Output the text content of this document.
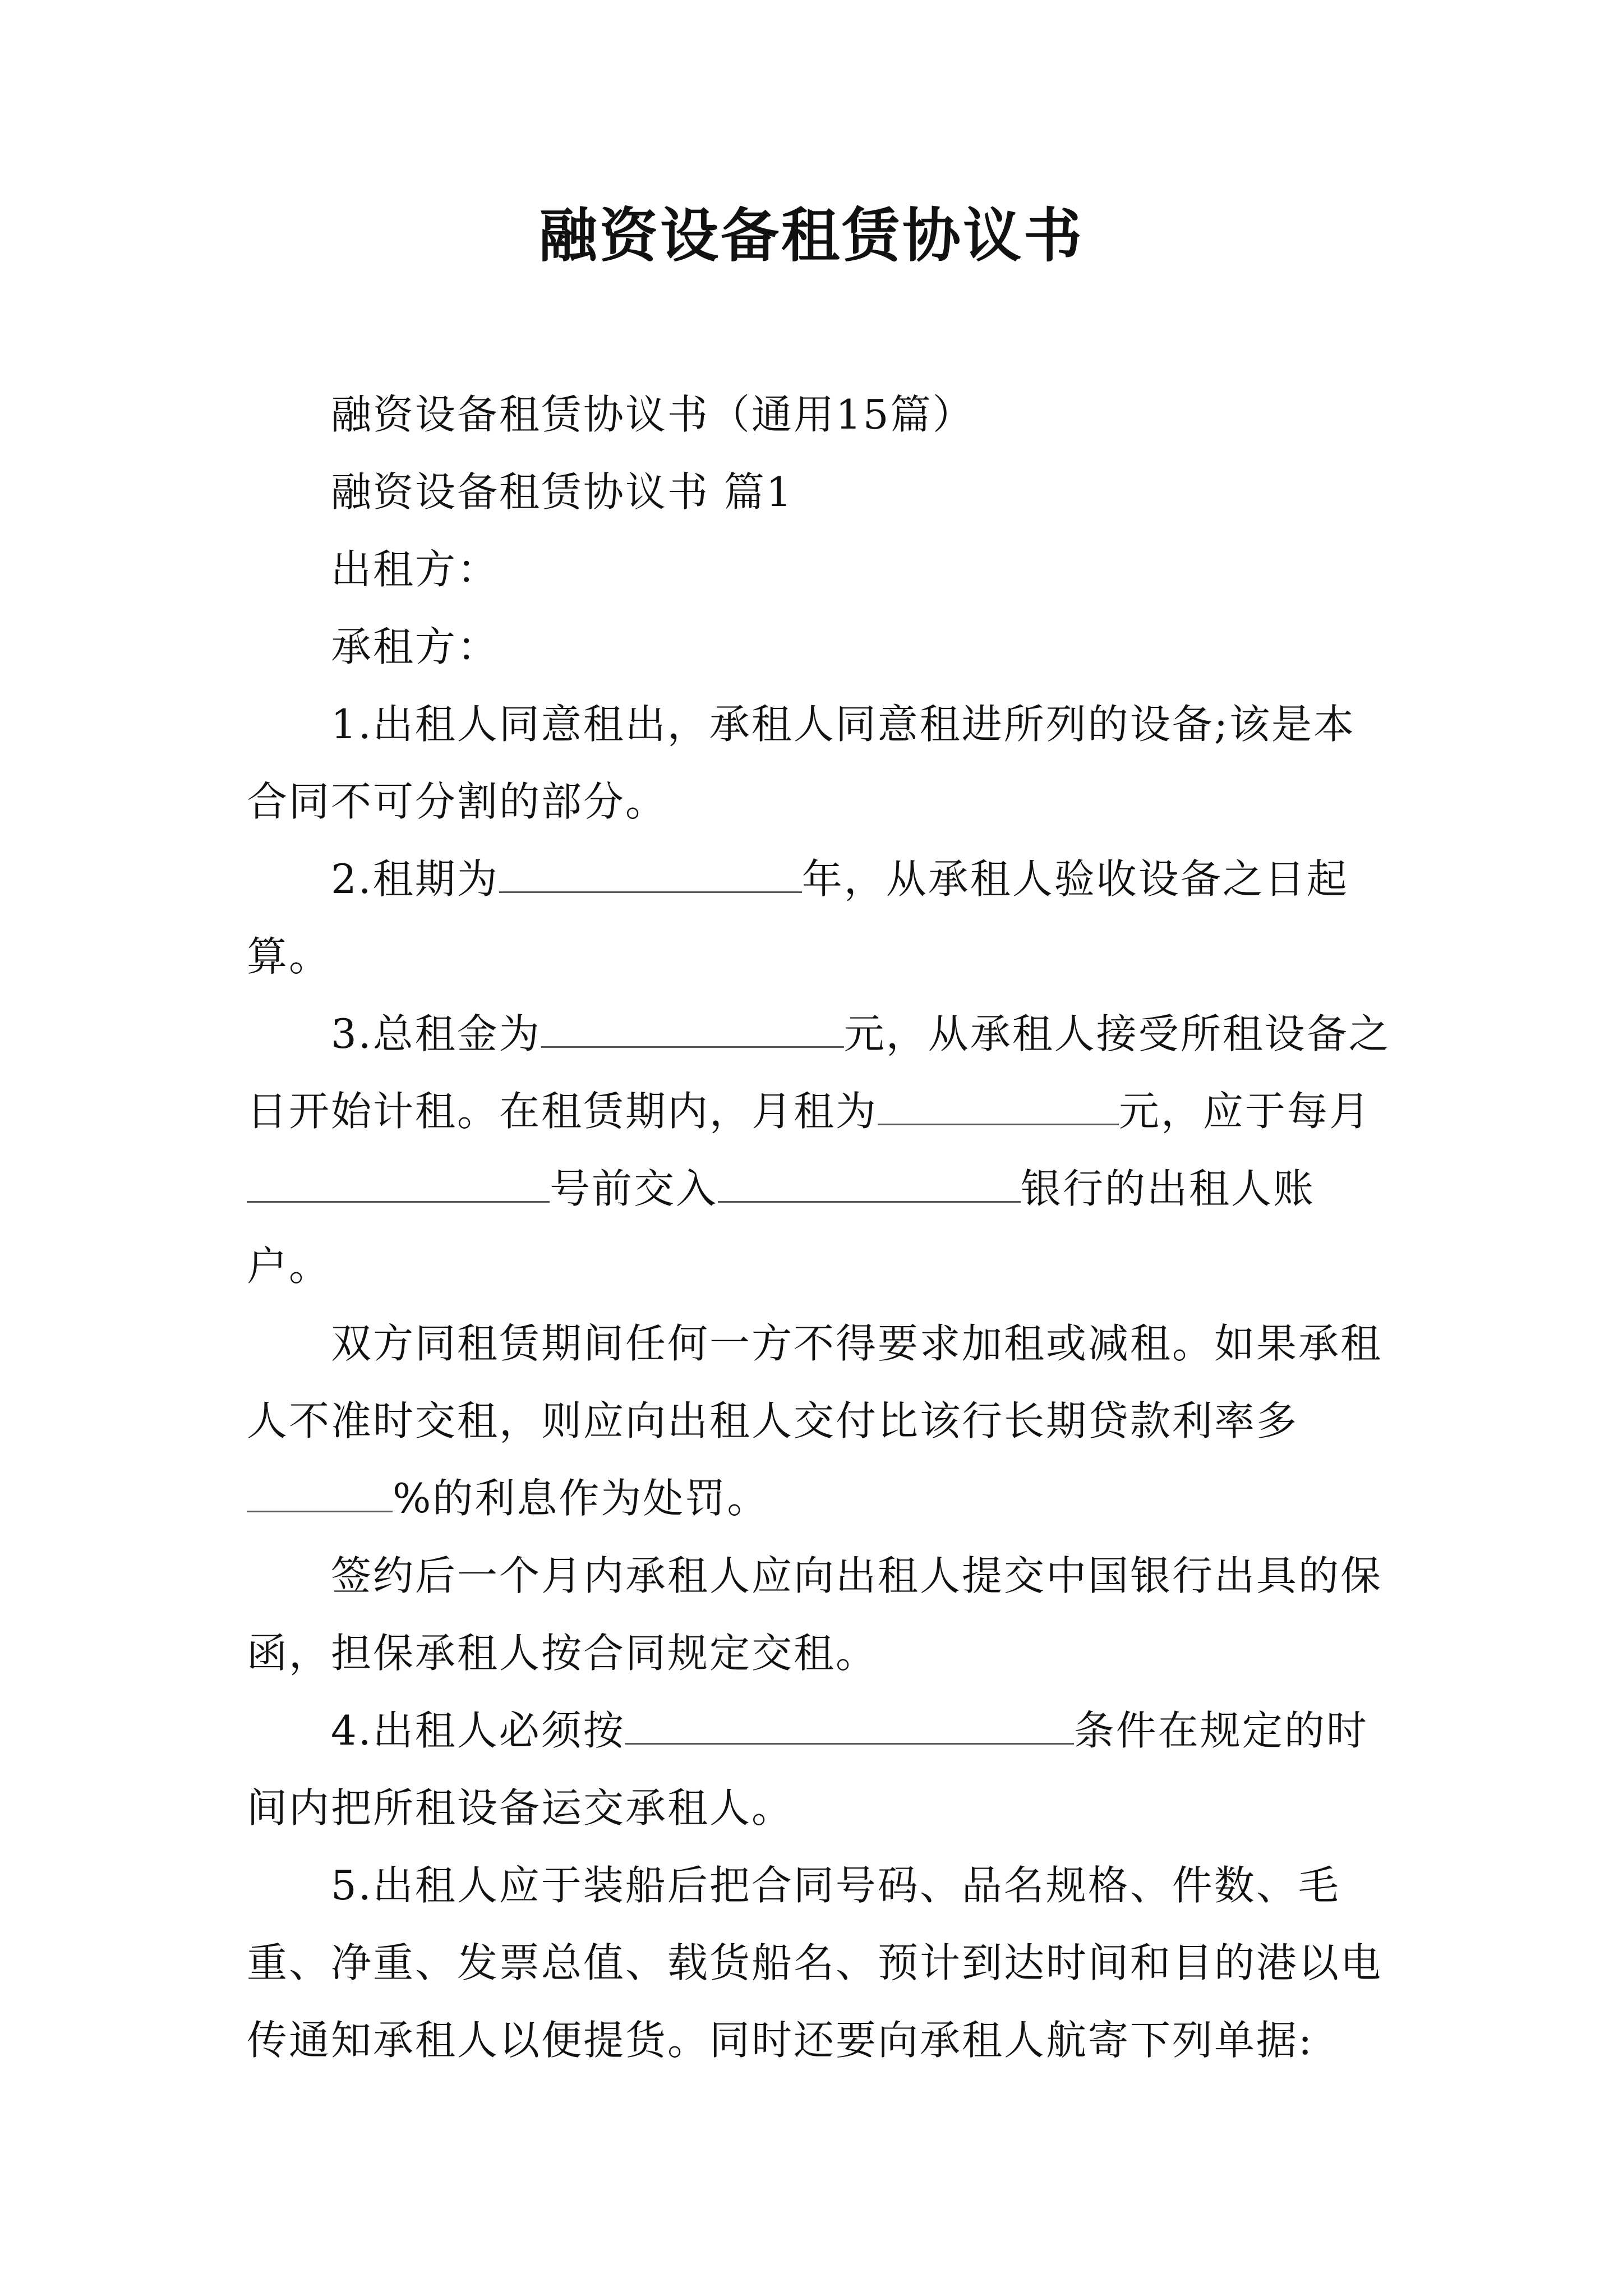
融资设备租赁协议书

融资设备租赁协议书（通用15篇）

融资设备租赁协议书 篇1

出租方：

承租方：

1.出租人同意租出，承租人同意租进所列的设备;该是本合同不可分割的部分。

2.租期为	年，从承租人验收设备之日起算。

3.总租金为	元，从承租人接受所租设备之日开始计租。在租赁期内，月租为	元，应于每月号前交入	银行的出租人账户。

双方同租赁期间任何一方不得要求加租或减租。如果承租人不准时交租，则应向出租人交付比该行长期贷款利率多%的利息作为处罚。

签约后一个月内承租人应向出租人提交中国银行出具的保函，担保承租人按合同规定交租。

4.出租人必须按	条件在规定的时间内把所租设备运交承租人。

5.出租人应于装船后把合同号码、品名规格、件数、毛重、净重、发票总值、载货船名、预计到达时间和目的港以电传通知承租人以便提货。同时还要向承租人航寄下列单据:
